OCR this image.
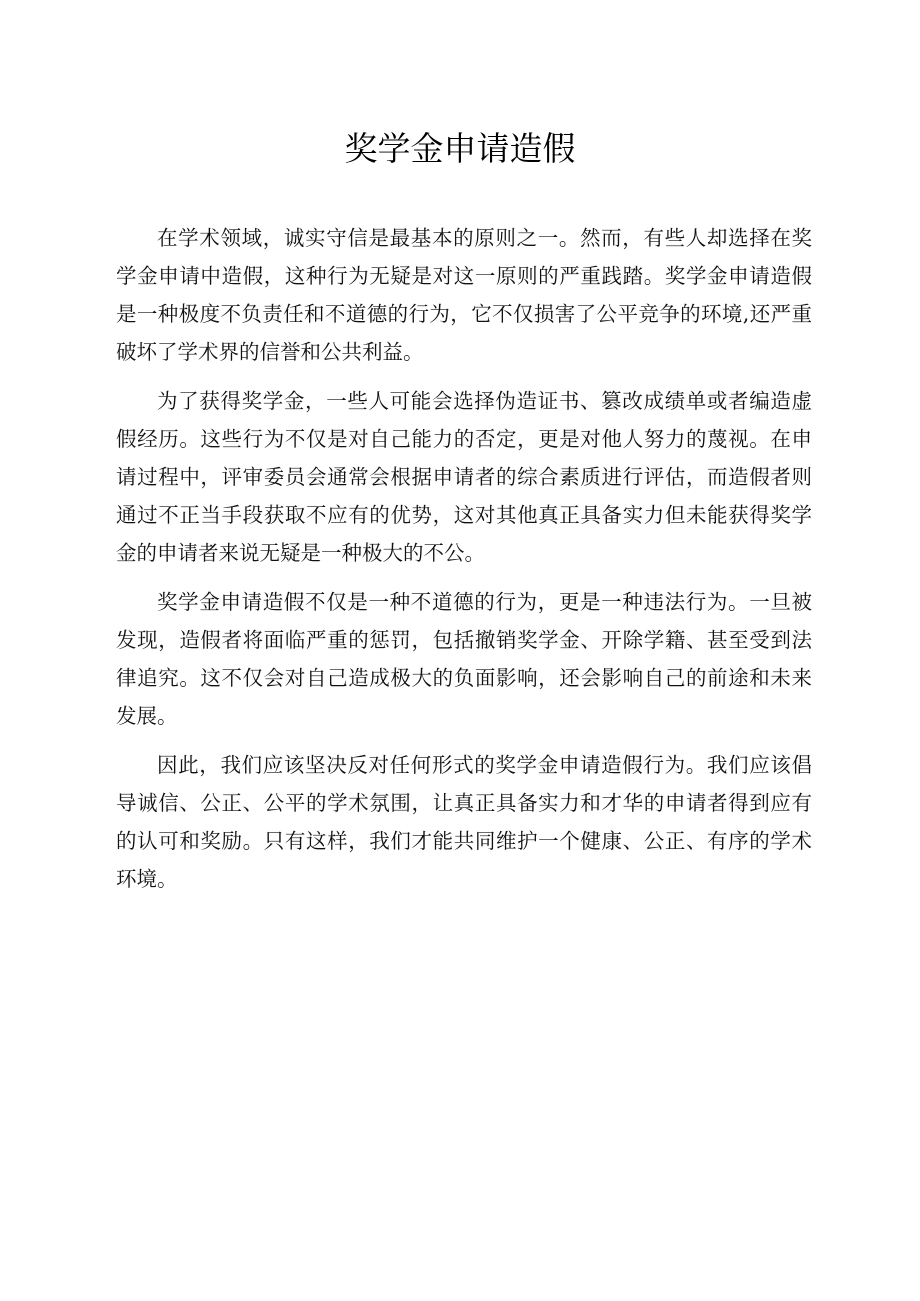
奖学金申请造假

在学术领域，诚实守信是最基本的原则之一。然而，有些人却选择在奖学金申请中造假，这种行为无疑是对这一原则的严重践踏。奖学金申请造假是一种极度不负责任和不道德的行为，它不仅损害了公平竞争的环境,还严重破坏了学术界的信誉和公共利益。

为了获得奖学金，一些人可能会选择伪造证书、篡改成绩单或者编造虚假经历。这些行为不仅是对自己能力的否定，更是对他人努力的蔑视。在申请过程中，评审委员会通常会根据申请者的综合素质进行评估，而造假者则通过不正当手段获取不应有的优势，这对其他真正具备实力但未能获得奖学金的申请者来说无疑是一种极大的不公。

奖学金申请造假不仅是一种不道德的行为，更是一种违法行为。一旦被发现，造假者将面临严重的惩罚，包括撤销奖学金、开除学籍、甚至受到法律追究。这不仅会对自己造成极大的负面影响，还会影响自己的前途和未来发展。

因此，我们应该坚决反对任何形式的奖学金申请造假行为。我们应该倡导诚信、公正、公平的学术氛围，让真正具备实力和才华的申请者得到应有的认可和奖励。只有这样，我们才能共同维护一个健康、公正、有序的学术环境。
